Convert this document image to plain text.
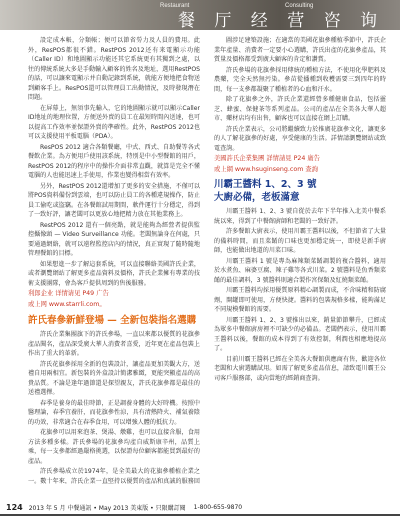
Restaurant	Consulting
餐 厅 经 营 咨 询

設定成本帳，分類帳；便可以節省勞力及人員的費用。此外，ResPOS都很不錯。RestPOS 2012还有来電顯示功能（Caller ID）和地圖顯示功能还其它系統更有其獨到之處，以往的傳統系統大多是手動輸入顧客的姓名及地址，選用RestPOS的話，可以讓來電顯示并自動記錄到系統，就能方便地把食物送到顧客手上。ResPOS還可以管理員工出勤情況，及時發現潛在問題。

在屏幕上，無須事先輸入，它的地圖顯示就可以顯示Caller ID地址的地理位置，方便送外賣的員工在最短時間內送達，也可以提高工作效率並保證外賣的準確性。此外，RestPOS 2012也可以支援使用平板電腦（PDA）。

ResPOS 2012 適合各類餐廳，中式、西式、自助餐等各式餐飲企業。為方便用戶使用該系統，特別是中小型餐館的用戶，RestPOS 2012的程序中的操作介面非常直觀，就算是完全不懂電腦的人也能迅速上手使用，作業也變得相當有效率。

另外，RestPOS 2012還增加了更多的安全措施，不僅可以將POS資料備份到雲端，也可以防止員工的各種違規操作，防止員工偷吃或盜竊。在各餐館試用期間，軟件運行十分穩定，得到了一致好評，讓老闆可以更放心地把精力放在其他業務上。

RestPOS 2012 還有一個亮點，就是能夠為經營者提供監控攝像頭 — Video Surveillance 功能。老闆無論身在何處，只要通過網絡，就可以遠程監控店內的情況，真正實現了隨時隨地管理餐館的目標。

如果想進一步了解這套系統，可以直接聯絡美國許氏企業，或者瀏覽網站了解更多產品資料及價格，許氏企業擁有專業的技術支援團隊，會為客戶提供周到的售後服務。

利郎企业 详情请见 P49 广告

或上网 www.starrli.com。

許氏春參新鮮登場 — 全新包裝指名選購

許氏企業集團旗下的許氏參場，一直以來都以優質的花旗參產品聞名，產品深受廣大華人消費者喜愛，近年更在產品包裝上作出了重大的革新。

許氏花旗參採用全新的包裝設計，讓產品更加美觀大方，送禮自用兩相宜。新包裝的外盒設計簡潔雅緻，更能突顯產品的高貴品質。不論是逢年過節還是探望親友，許氏花旗參都是最佳的送禮選擇。

春季是養身的最佳時節，正是調養身體的大好時機。按照中醫理論，春季宜養肝，而花旗參性涼，具有清熱降火、補氣養陰的功效，非常適合在春季食用，可以增強人體的抵抗力。

花旗參可以用來泡茶、煲湯、燉雞，也可以直接含服，食用方法多種多樣。許氏參場的花旗參均產自威斯康辛州，品質上乘，每一支參都經過嚴格挑選，以保證每位顧客都能買到最好的產品。

許氏參場成立於1974年，是全美最大的花旗參種植企業之一。數十年來，許氏企業一直堅持以優質的產品和真誠的服務回

圖涉足建築設施；在適當的美國花旗參種植季節中，許氏企業年產量、消費者一定要小心選購，許氏出產的花旗參產品，其質量及價格都受到廣大顧客的肯定和讚賞。

許氏參場的花旗參採用傳統的種植方法，不使用化學肥料及農藥，完全天然無污染。參苗從播種到收穫需要三到四年的時間，每一支參都凝聚了種植者的心血和汗水。

除了花旗參之外，許氏企業還經營多種健康食品，包括靈芝、蜂蜜、保健茶等系列產品。公司的產品在全美各大華人超市、藥材店均有出售，顧客也可以直接在網上訂購。

許氏企業表示，公司將繼續致力於推廣花旗參文化，讓更多的人了解花旗參的好處，享受健康的生活。詳情請瀏覽網站或致電查詢。

美國許氏企業集團 詳情請見 P24 廣告

或上網 www.hsuginseng.com 查詢

川霸王醬料 1、2、3 號
大廚必備，老板滿意

川霸王醬料 1、2、3 號自從於去年下半年推入北美中餐系統以來，得到了中餐館廚師和老闆的一致好評。

許多餐館大廚表示，使用川霸王醬料以後，不但節省了大量的備料時間，而且菜餚的口味也更加穩定統一，即使是新手廚師，也能做出地道的川菜口味。

川霸王醬料 1 號是專為麻辣類菜餚調製的複合醬料，適用於水煮魚、麻婆豆腐、辣子雞等各式川菜。2 號醬料是魚香類菜餚的最佳調料，3 號醬料則適合製作宮保類及紅燒類菜餚。

川霸王醬料均採用優質原料精心調製而成，不含味精和防腐劑，開罐即可使用，方便快捷。醬料的包裝規格多樣，能夠滿足不同規模餐館的需要。

川霸王醬料 1、2、3 號推出以來，銷量節節攀升，已經成為眾多中餐館廚房裡不可缺少的必備品。老闆們表示，使用川霸王醬料以後，餐館的成本得到了有效控制，利潤也相應地提高了。

目前川霸王醬料已經在全美各大餐館供應商有售，歡迎各位老闆和大廚選購試用。如需了解更多產品信息，請致電川霸王公司客戶服務部，或向當地的經銷商查詢。

124 2013 年 5 月 中餐通訊 • May 2013 美東版 • 只限購訂閱 1-800-655-9870
